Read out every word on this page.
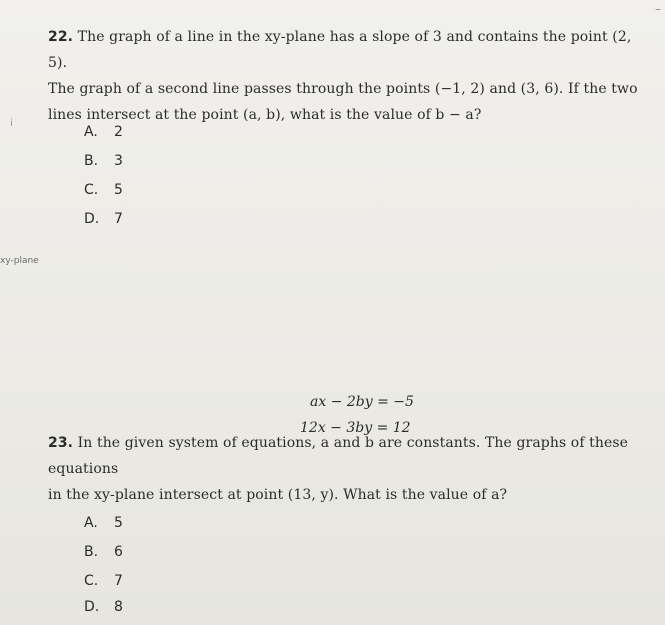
–
22. The graph of a line in the xy-plane has a slope of 3 and contains the point (2, 5).
The graph of a second line passes through the points (−1, 2) and (3, 6). If the two
lines intersect at the point (a, b), what is the value of b − a?
A. 2
B. 3
C. 5
D. 7
xy-plane
ⅰ
ax − 2by = −5
12x − 3by = 12
23. In the given system of equations, a and b are constants. The graphs of these equations
in the xy-plane intersect at point (13, y). What is the value of a?
A. 5
B. 6
C. 7
D. 8
